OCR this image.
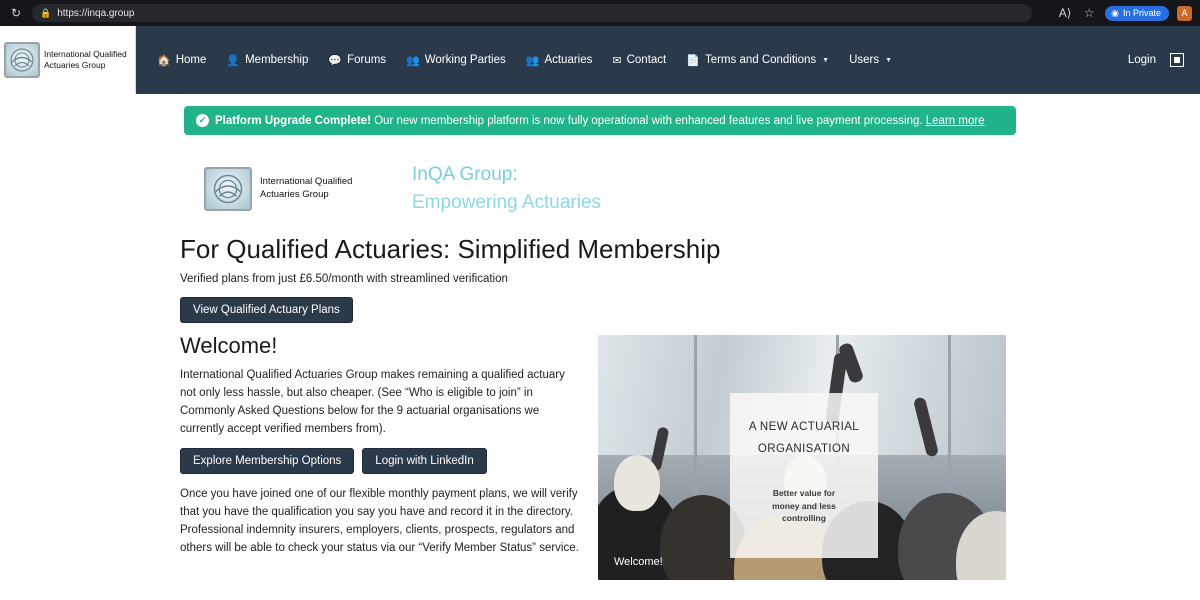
↻	🔒 https://inqa.group	A⟩ ☆ ◉ In Private	A
International Qualified Actuaries Group	🏠 Home 👤 Membership 💬 Forums 👥 Working Parties 👥 Actuaries ✉ Contact 📄 Terms and Conditions ▼ Users ▼	Login
✓ Platform Upgrade Complete! Our new membership platform is now fully operational with enhanced features and live payment processing. Learn more
International Qualified
Actuaries Group
InQA Group:
Empowering Actuaries
For Qualified Actuaries: Simplified Membership
Verified plans from just £6.50/month with streamlined verification
View Qualified Actuary Plans
Welcome!

International Qualified Actuaries Group makes remaining a qualified actuary not only less hassle, but also cheaper. (See “Who is eligible to join” in Commonly Asked Questions below for the 9 actuarial organisations we currently accept verified members from).

Explore Membership Options	Login with LinkedIn

Once you have joined one of our flexible monthly payment plans, we will verify that you have the qualification you say you have and record it in the directory. Professional indemnity insurers, employers, clients, prospects, regulators and others will be able to check your status via our “Verify Member Status” service.

A NEW ACTUARIAL
ORGANISATION
Better value for
money and less
controlling
Welcome!
